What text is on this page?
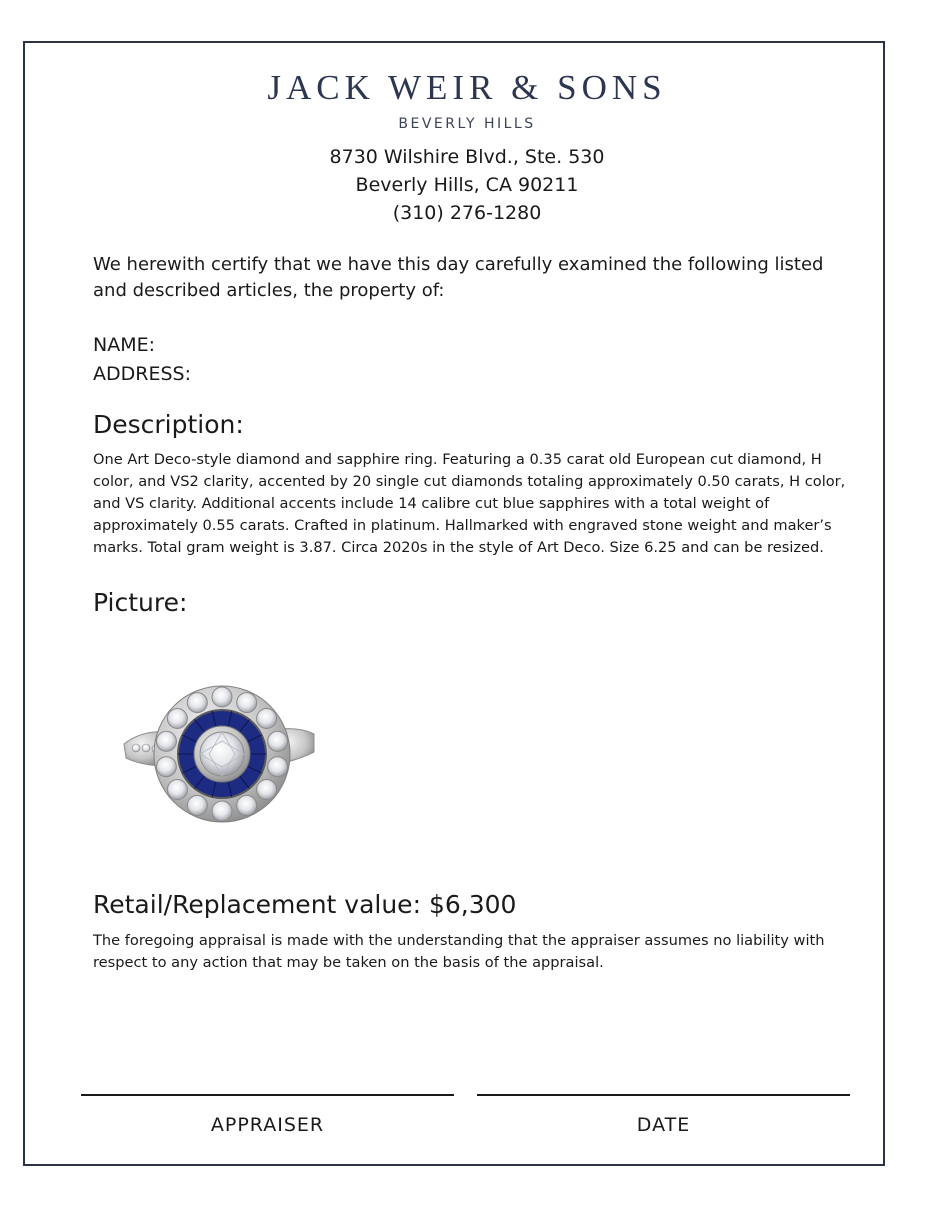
JACK WEIR & SONS
BEVERLY HILLS
8730 Wilshire Blvd., Ste. 530
Beverly Hills, CA 90211
(310) 276-1280
We herewith certify that we have this day carefully examined the following listed and described articles, the property of:
NAME:
ADDRESS:
Description:
One Art Deco-style diamond and sapphire ring. Featuring a 0.35 carat old European cut diamond, H color, and VS2 clarity, accented by 20 single cut diamonds totaling approximately 0.50 carats, H color, and VS clarity. Additional accents include 14 calibre cut blue sapphires with a total weight of approximately 0.55 carats. Crafted in platinum. Hallmarked with engraved stone weight and maker’s marks. Total gram weight is 3.87. Circa 2020s in the style of Art Deco. Size 6.25 and can be resized.
Picture:
Retail/Replacement value: $6,300
The foregoing appraisal is made with the understanding that the appraiser assumes no liability with respect to any action that may be taken on the basis of the appraisal.
APPRAISER	DATE
